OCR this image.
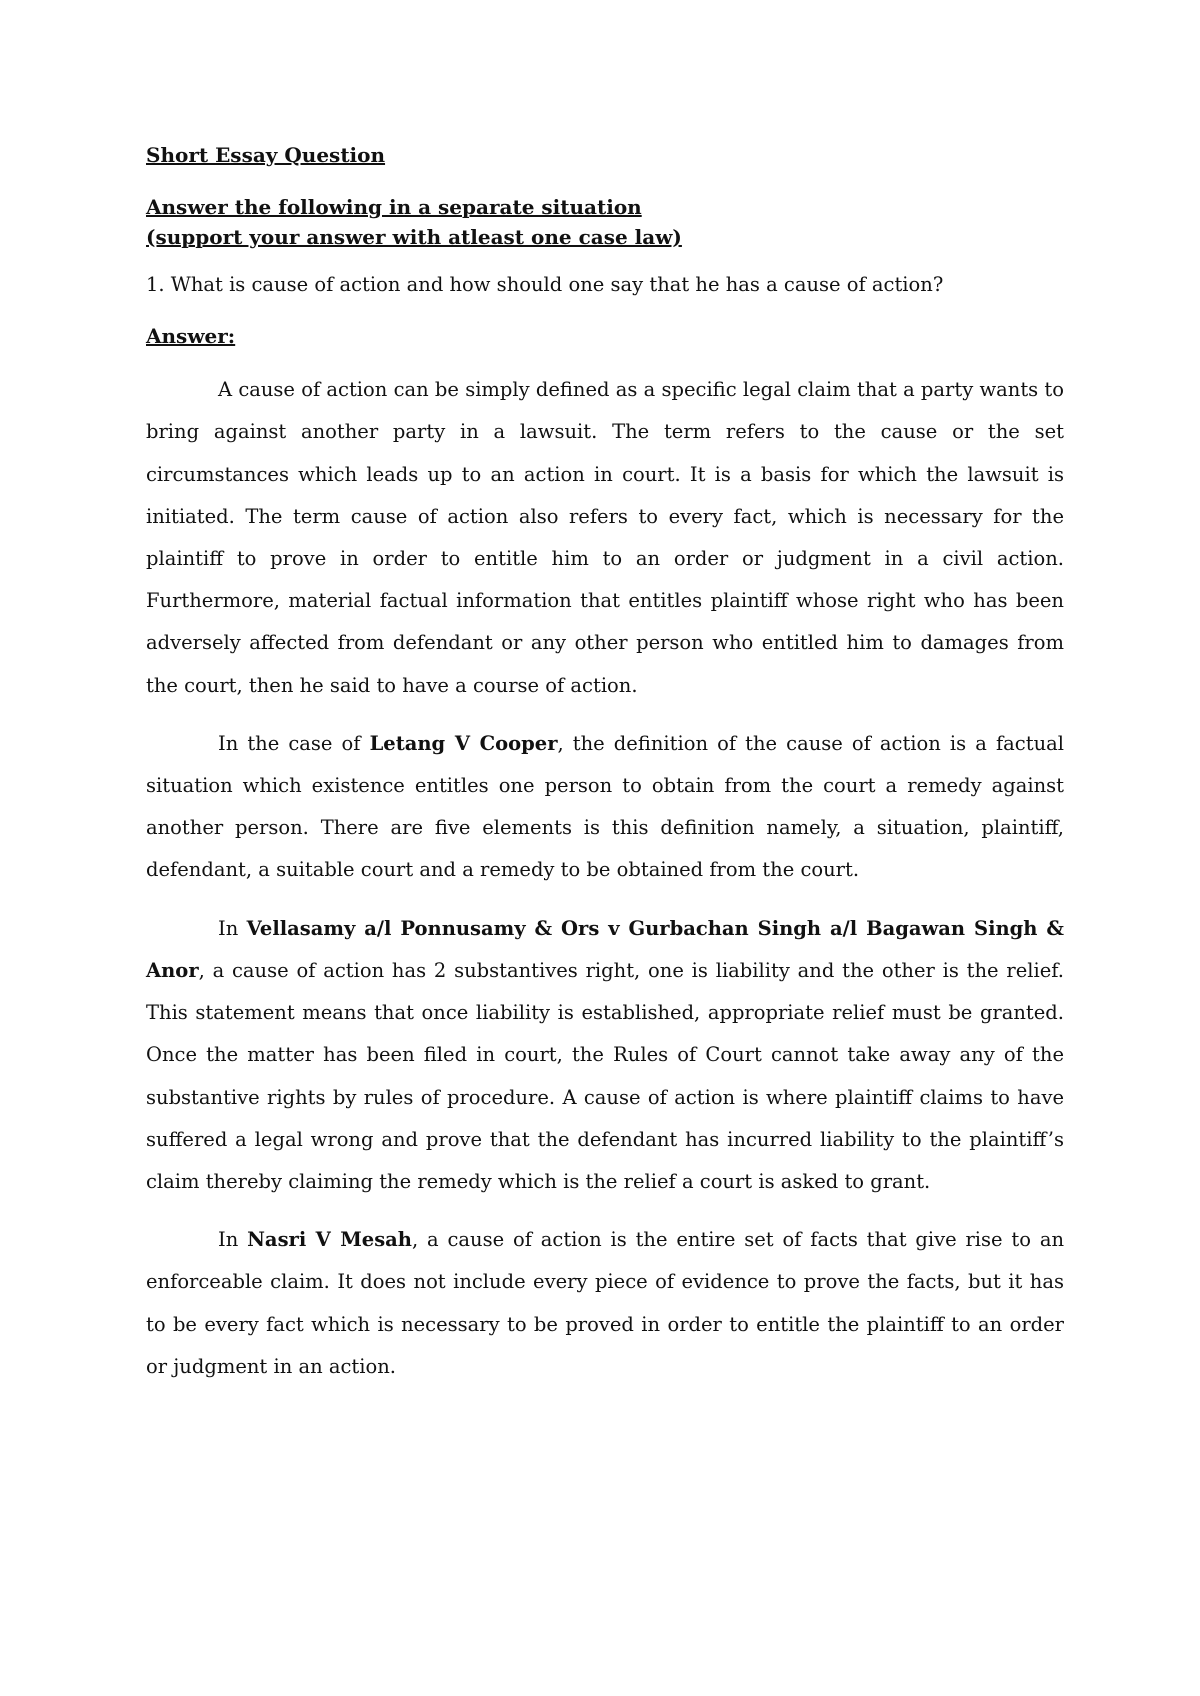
Short Essay Question

Answer the following in a separate situation

(support your answer with atleast one case law)

1. What is cause of action and how should one say that he has a cause of action?

Answer:

A cause of action can be simply defined as a specific legal claim that a party wants to bring against another party in a lawsuit. The term refers to the cause or the set circumstances which leads up to an action in court. It is a basis for which the lawsuit is initiated. The term cause of action also refers to every fact, which is necessary for the plaintiff to prove in order to entitle him to an order or judgment in a civil action. Furthermore, material factual information that entitles plaintiff whose right who has been adversely affected from defendant or any other person who entitled him to damages from the court, then he said to have a course of action.

In the case of Letang V Cooper, the definition of the cause of action is a factual situation which existence entitles one person to obtain from the court a remedy against another person. There are five elements is this definition namely, a situation, plaintiff, defendant, a suitable court and a remedy to be obtained from the court.

In Vellasamy a/l Ponnusamy & Ors v Gurbachan Singh a/l Bagawan Singh & Anor, a cause of action has 2 substantives right, one is liability and the other is the relief. This statement means that once liability is established, appropriate relief must be granted. Once the matter has been filed in court, the Rules of Court cannot take away any of the substantive rights by rules of procedure. A cause of action is where plaintiff claims to have suffered a legal wrong and prove that the defendant has incurred liability to the plaintiff’s claim thereby claiming the remedy which is the relief a court is asked to grant.

In Nasri V Mesah, a cause of action is the entire set of facts that give rise to an enforceable claim. It does not include every piece of evidence to prove the facts, but it has to be every fact which is necessary to be proved in order to entitle the plaintiff to an order or judgment in an action.
